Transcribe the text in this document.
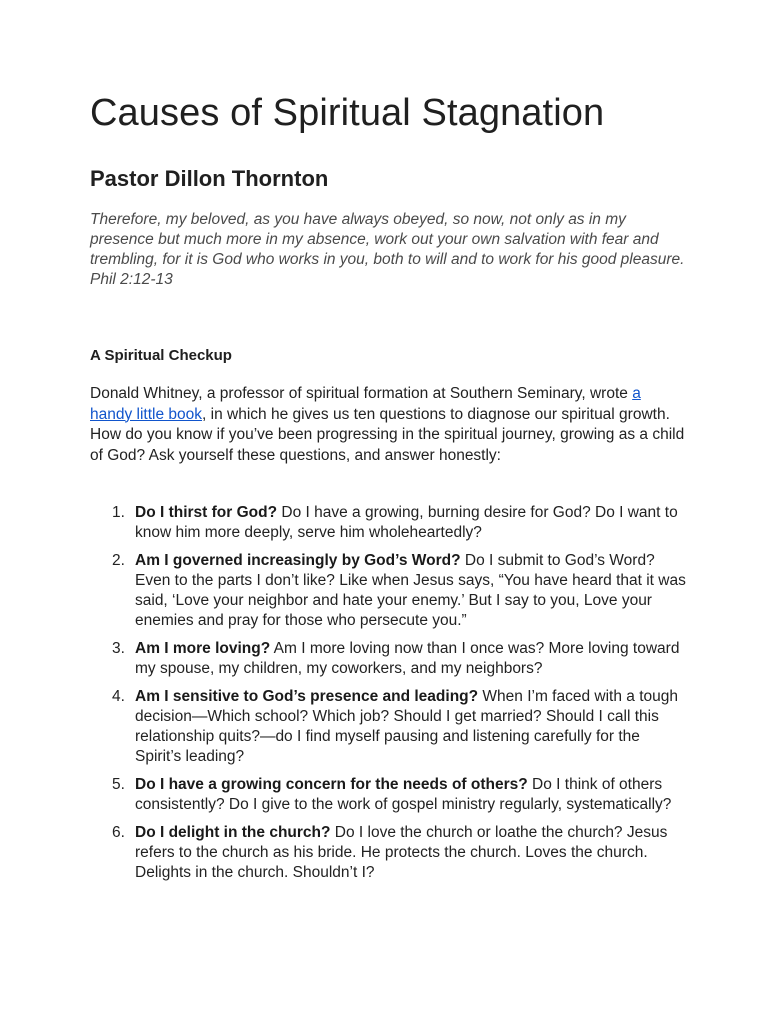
Causes of Spiritual Stagnation
Pastor Dillon Thornton

Therefore, my beloved, as you have always obeyed, so now, not only as in my presence but much more in my absence, work out your own salvation with fear and trembling, for it is God who works in you, both to will and to work for his good pleasure. Phil 2:12-13

A Spiritual Checkup

Donald Whitney, a professor of spiritual formation at Southern Seminary, wrote a handy little book, in which he gives us ten questions to diagnose our spiritual growth. How do you know if you’ve been progressing in the spiritual journey, growing as a child of God? Ask yourself these questions, and answer honestly:

1. Do I thirst for God? Do I have a growing, burning desire for God? Do I want to know him more deeply, serve him wholeheartedly?
2. Am I governed increasingly by God’s Word? Do I submit to God’s Word? Even to the parts I don’t like? Like when Jesus says, “You have heard that it was said, ‘Love your neighbor and hate your enemy.’ But I say to you, Love your enemies and pray for those who persecute you.”
3. Am I more loving? Am I more loving now than I once was? More loving toward my spouse, my children, my coworkers, and my neighbors?
4. Am I sensitive to God’s presence and leading? When I’m faced with a tough decision—Which school? Which job? Should I get married? Should I call this relationship quits?—do I find myself pausing and listening carefully for the Spirit’s leading?
5. Do I have a growing concern for the needs of others? Do I think of others consistently? Do I give to the work of gospel ministry regularly, systematically?
6. Do I delight in the church? Do I love the church or loathe the church? Jesus refers to the church as his bride. He protects the church. Loves the church. Delights in the church. Shouldn’t I?
